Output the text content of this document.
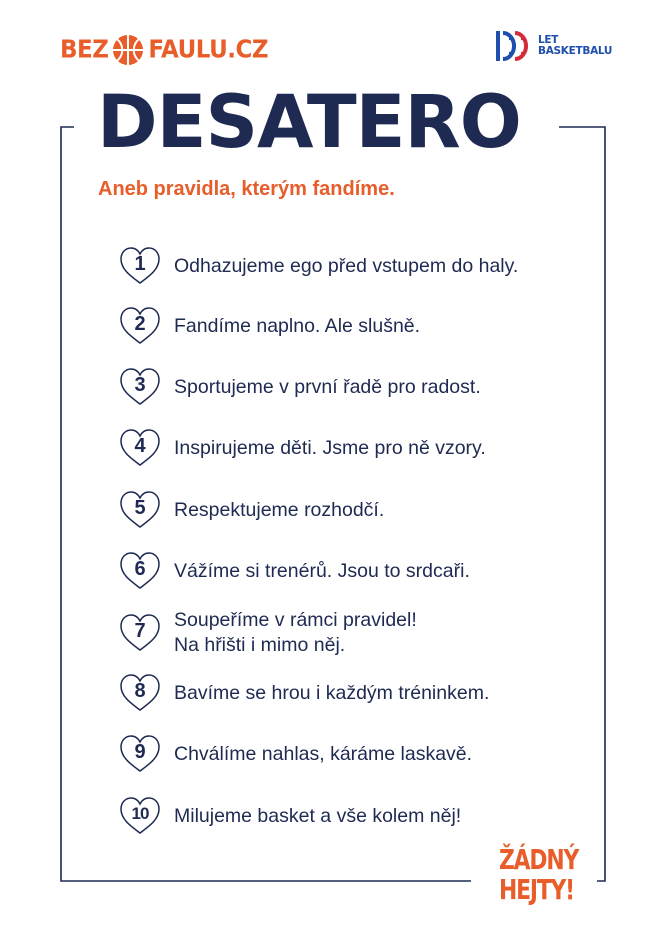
BEZ FAULU.CZ	LET
BASKETBALU
DESATERO
Aneb pravidla, kterým fandíme.
1	Odhazujeme ego před vstupem do haly.
2	Fandíme naplno. Ale slušně.
3	Sportujeme v první řadě pro radost.
4	Inspirujeme děti. Jsme pro ně vzory.
5	Respektujeme rozhodčí.
6	Vážíme si trenérů. Jsou to srdcaři.
7	Soupeříme v rámci pravidel!
Na hřišti i mimo něj.
8	Bavíme se hrou i každým tréninkem.
9	Chválíme nahlas, káráme laskavě.
10	Milujeme basket a vše kolem něj!
ŽÁDNÝ
HEJTY!
